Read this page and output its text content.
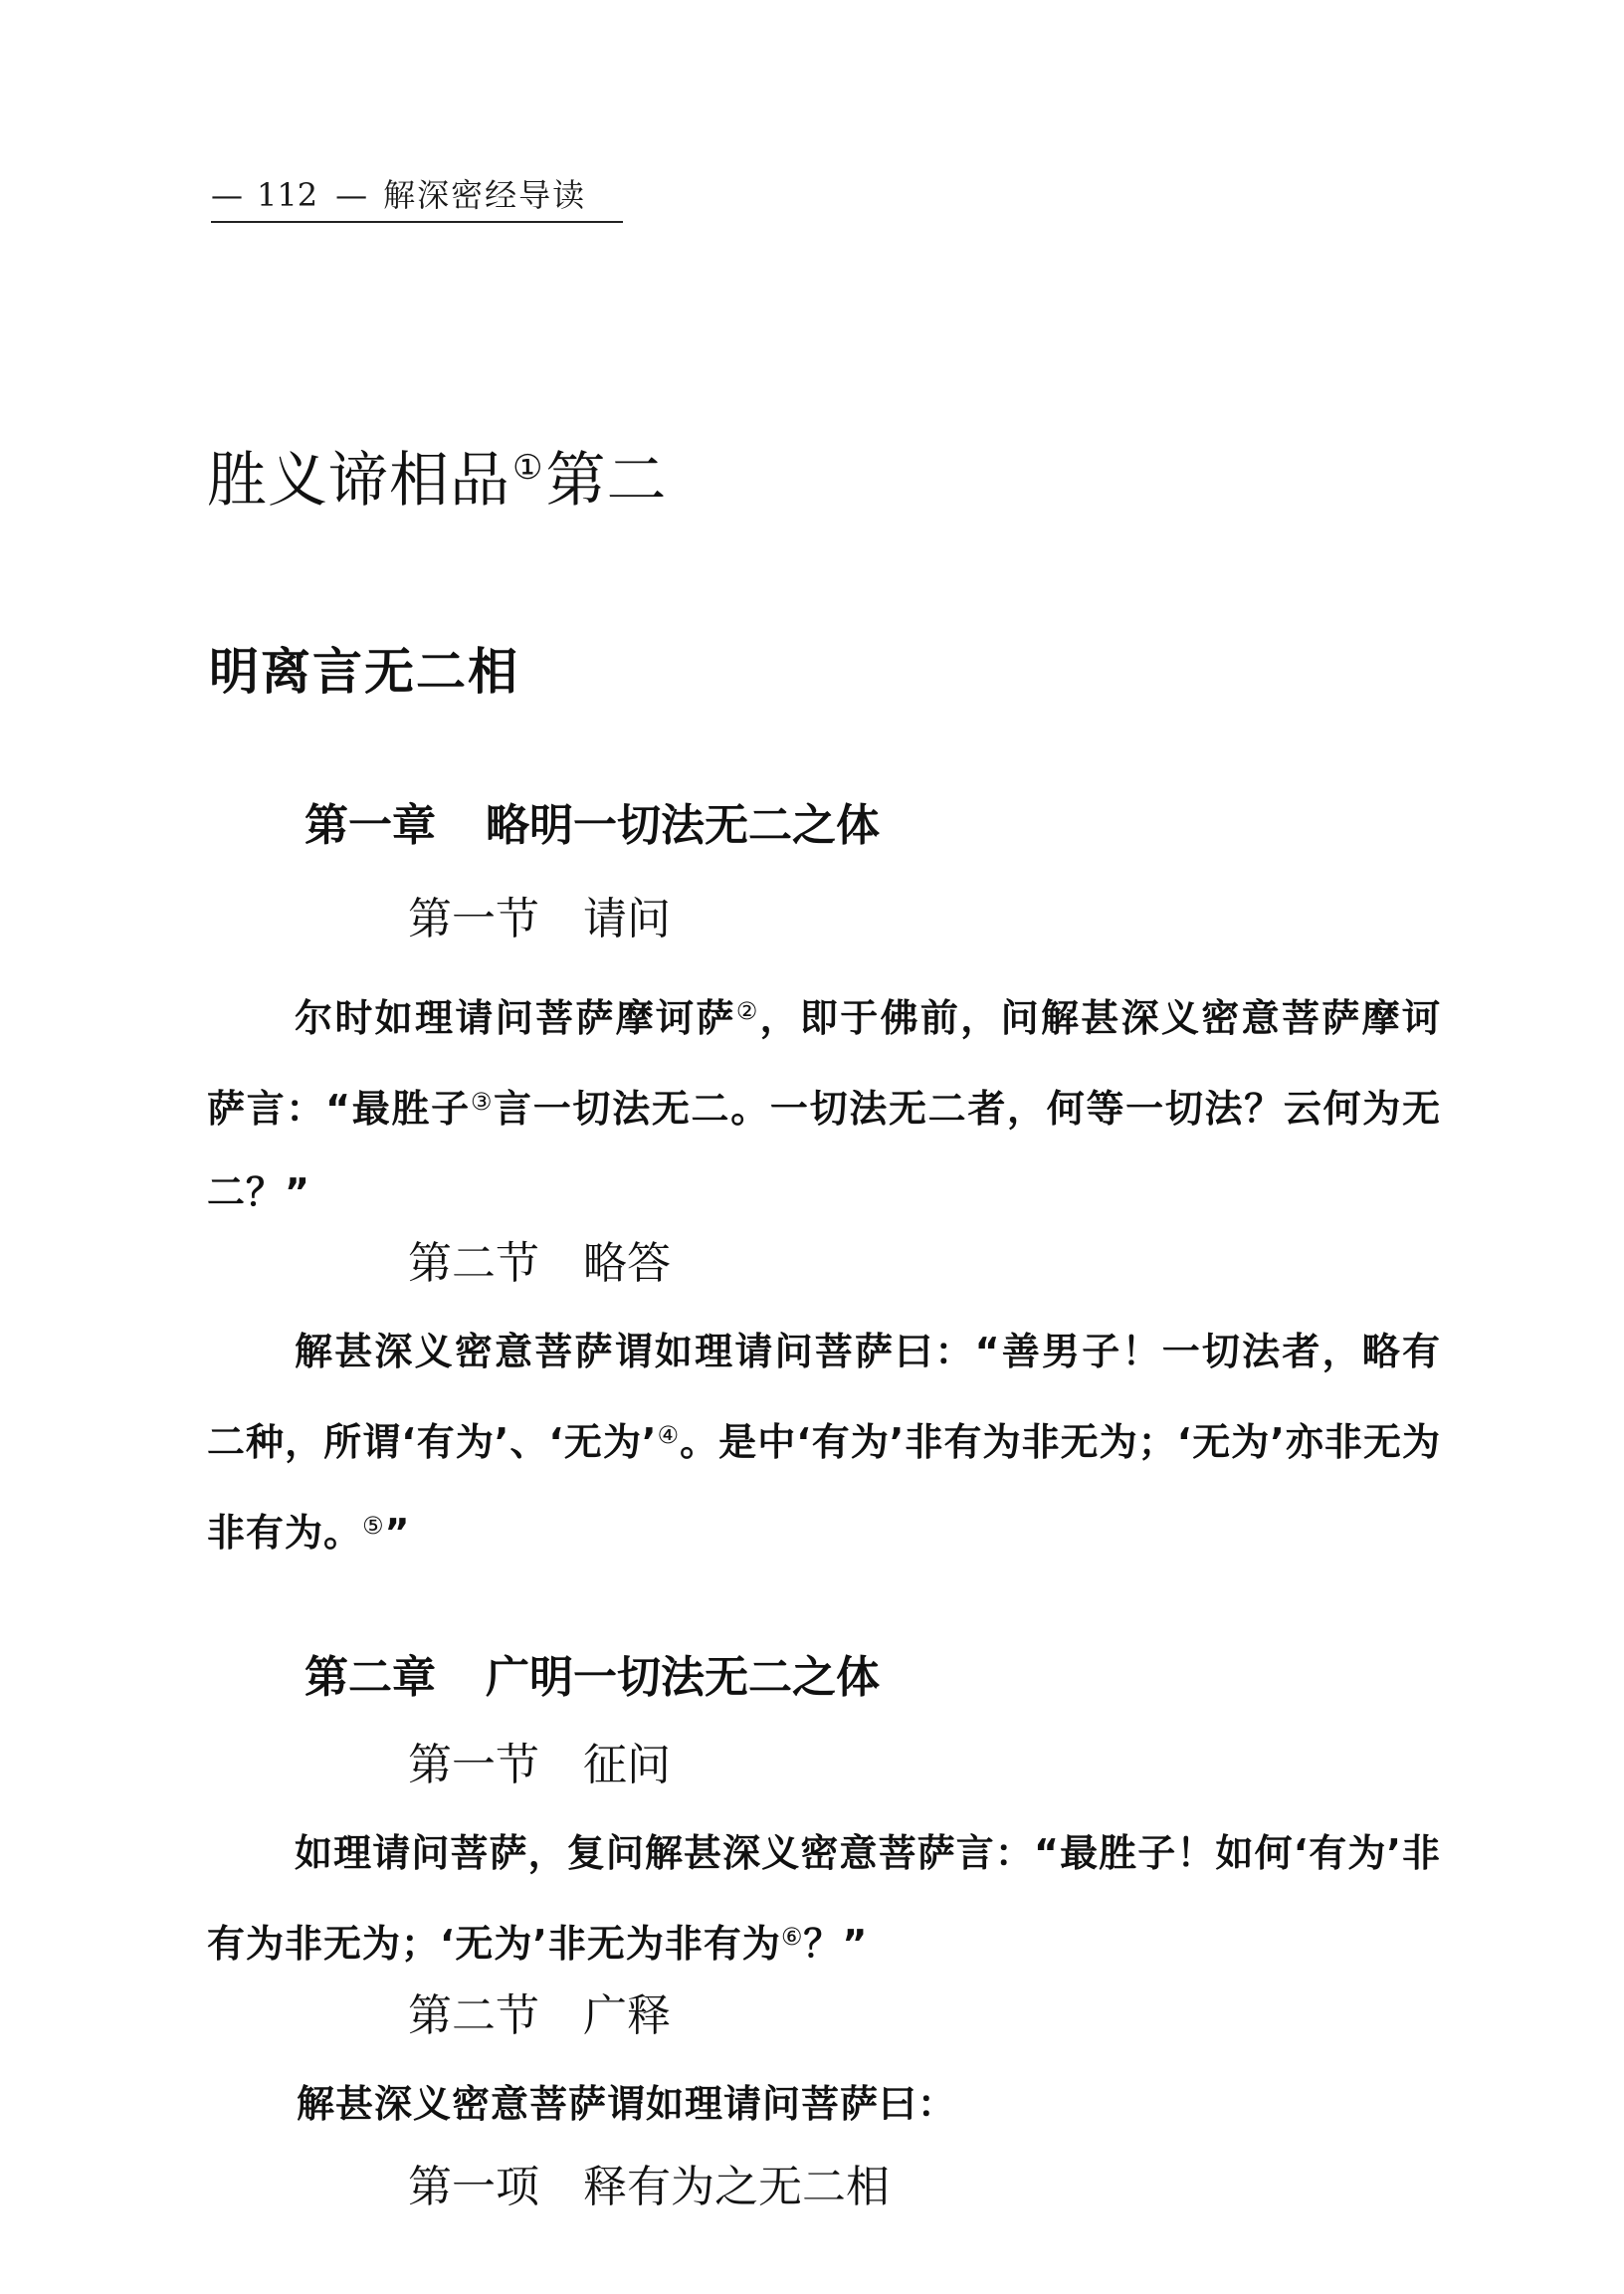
— 112 — 解深密经导读
胜义谛相品①第二
明离言无二相
第一章 略明一切法无二之体
第一节 请问
尔时如理请问菩萨摩诃萨②，即于佛前，问解甚深义密意菩萨摩诃萨言：“最胜子③言一切法无二。一切法无二者，何等一切法？云何为无二？”
第二节 略答
解甚深义密意菩萨谓如理请问菩萨曰：“善男子！一切法者，略有二种，所谓‘有为’、‘无为’④。是中‘有为’非有为非无为；‘无为’亦非无为非有为。⑤”
第二章 广明一切法无二之体
第一节 征问
如理请问菩萨，复问解甚深义密意菩萨言：“最胜子！如何‘有为’非有为非无为；‘无为’非无为非有为⑥？”
第二节 广释
解甚深义密意菩萨谓如理请问菩萨曰：
第一项 释有为之无二相
